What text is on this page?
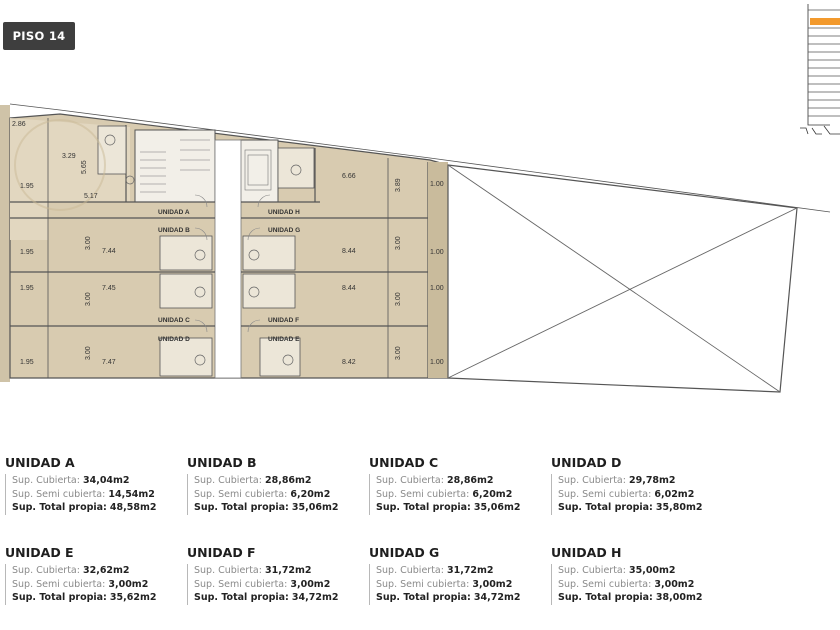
PISO 14
2.86
3.29
5.65
5.17
1.95
1.95
1.95
1.95
7.44
7.45
7.47
3.00
3.00
3.00
6.66
3.89
8.44
8.44
8.42
3.00
3.00
3.00
1.00
1.00
1.00
1.00
UNIDAD A
UNIDAD B
UNIDAD C
UNIDAD D	UNIDAD E
UNIDAD F
UNIDAD G
UNIDAD H
UNIDAD A
Sup. Cubierta: 34,04m2
Sup. Semi cubierta: 14,54m2
Sup. Total propia: 48,58m2
UNIDAD B
Sup. Cubierta: 28,86m2
Sup. Semi cubierta: 6,20m2
Sup. Total propia: 35,06m2
UNIDAD C
Sup. Cubierta: 28,86m2
Sup. Semi cubierta: 6,20m2
Sup. Total propia: 35,06m2
UNIDAD D
Sup. Cubierta: 29,78m2
Sup. Semi cubierta: 6,02m2
Sup. Total propia: 35,80m2
UNIDAD E
Sup. Cubierta: 32,62m2
Sup. Semi cubierta: 3,00m2
Sup. Total propia: 35,62m2
UNIDAD F
Sup. Cubierta: 31,72m2
Sup. Semi cubierta: 3,00m2
Sup. Total propia: 34,72m2
UNIDAD G
Sup. Cubierta: 31,72m2
Sup. Semi cubierta: 3,00m2
Sup. Total propia: 34,72m2
UNIDAD H
Sup. Cubierta: 35,00m2
Sup. Semi cubierta: 3,00m2
Sup. Total propia: 38,00m2
